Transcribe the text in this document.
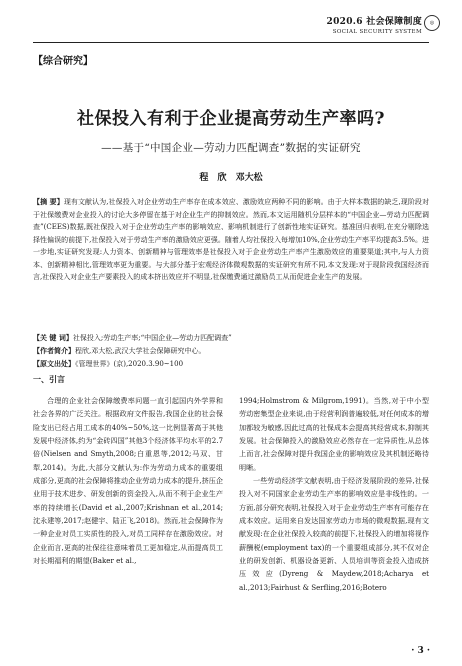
◎
2020.6 社会保障制度
SOCIAL SECURITY SYSTEM
【综合研究】
社保投入有利于企业提高劳动生产率吗?
——基于“中国企业—劳动力匹配调查”数据的实证研究
程 欣 邓大松
【摘 要】现有文献认为,社保投入对企业劳动生产率存在成本效应、激励效应两种不同的影响。由于大样本数据的缺乏,现阶段对于社保缴费对企业投入的讨论大多停留在基于对企业生产的抑制效应。然而,本文运用随机分层样本的“中国企业—劳动力匹配调查”(CEES)数据,既社保投入对于企业劳动生产率的影响效应、影响机制进行了创新性地实证研究。基准回归表明,在充分剔除选择性偏误的前提下,社保投入对于劳动生产率的激励效应更强。随着人均社保投入每增加10%,企业劳动生产率平均提高3.5%。进一步地,实证研究发现:人力资本、创新精神与管理效率是社保投入对于企业劳动生产率产生激励效应的重要渠道;其中,与人力资本、创新精神相比,管理效率更为重要。与大部分基于宏观经济体微观数据的实证研究有所不同,本文发现:对于现阶段我国经济而言,社保投入对企业生产要素投入的成本挤出效应并不明显,社保缴费通过激励员工从而促进企业生产的发展。
【关 键 词】社保投入;劳动生产率;“中国企业—劳动力匹配调查”
【作者简介】程欣,邓大松,武汉大学社会保障研究中心。
【原文出处】《管理世界》(京),2020.3.90~100
一、引言

合理的企业社会保障缴费率问题一直引起国内外学界和社会各界的广泛关注。根据政府文件报告,我国企业的社会保险支出已经占用工成本的40%~50%,这一比例显著高于其他发展中经济体,约为“金砖四国”其他3个经济体平均水平的2.7倍(Nielsen and Smyth,2008;白重恩等,2012;马双、甘犁,2014)。为此,大部分文献认为:作为劳动力成本的重要组成部分,更高的社会保障将推动企业劳动力成本的提升,挤压企业用于技术进步、研发创新的资金投入,从而不利于企业生产率的持续增长(David et al.,2007;Krishnan et al.,2014;沈永建等,2017;赵健宇、陆正飞,2018)。然而,社会保障作为一种企业对员工实质性的投入,对员工同样存在激励效应。对企业而言,更高的社保往往意味着员工更加稳定,从而提高员工对长期福利的期望(Baker et al.,

1994;Holmstrom & Milgrom,1991)。当然,对于中小型劳动密集型企业来说,由于经营利润普遍较低,对任何成本的增加都较为敏感,因此过高的社保成本会提高其经营成本,抑制其发展。社会保障投入的激励效应必然存在一定异质性,从总体上而言,社会保障对提升我国企业的影响效应及其机制还略待明晰。

一些劳动经济学文献表明,由于经济发展阶段的差异,社保投入对不同国家企业劳动生产率的影响效应是非线性的。一方面,部分研究表明,社保投入对于企业劳动生产率有可能存在成本效应。运用来自发达国家劳动力市场的微观数据,现有文献发现:在企业社保投入较高的前提下,社保投入的增加将视作薪酬税(employment tax)的一个重要组成部分,其不仅对企业的研发创新、机器设备更新、人员培训等资金投入造成挤压效应(Dyreng & Maydew,2018;Acharya et al.,2013;Fairhust & Serfling,2016;Botero

· 3 ·
